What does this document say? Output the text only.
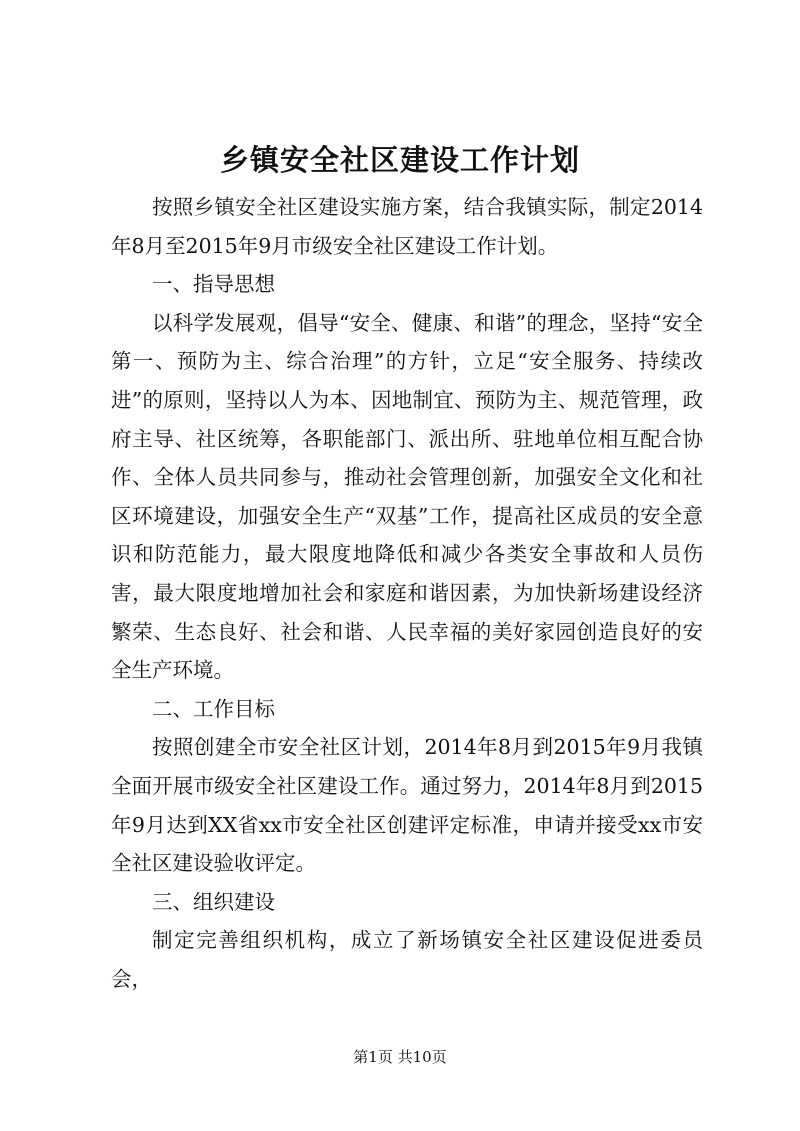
乡镇安全社区建设工作计划

按照乡镇安全社区建设实施方案，结合我镇实际，制定2014年8月至2015年9月市级安全社区建设工作计划。

一、指导思想

以科学发展观，倡导“安全、健康、和谐”的理念，坚持“安全第一、预防为主、综合治理”的方针，立足“安全服务、持续改进”的原则，坚持以人为本、因地制宜、预防为主、规范管理，政府主导、社区统筹，各职能部门、派出所、驻地单位相互配合协作、全体人员共同参与，推动社会管理创新，加强安全文化和社区环境建设，加强安全生产“双基”工作，提高社区成员的安全意识和防范能力，最大限度地降低和减少各类安全事故和人员伤害，最大限度地增加社会和家庭和谐因素，为加快新场建设经济繁荣、生态良好、社会和谐、人民幸福的美好家园创造良好的安全生产环境。

二、工作目标

按照创建全市安全社区计划，2014年8月到2015年9月我镇全面开展市级安全社区建设工作。通过努力，2014年8月到2015年9月达到XX省xx市安全社区创建评定标准，申请并接受xx市安全社区建设验收评定。

三、组织建设

制定完善组织机构，成立了新场镇安全社区建设促进委员会，

第1页 共10页
